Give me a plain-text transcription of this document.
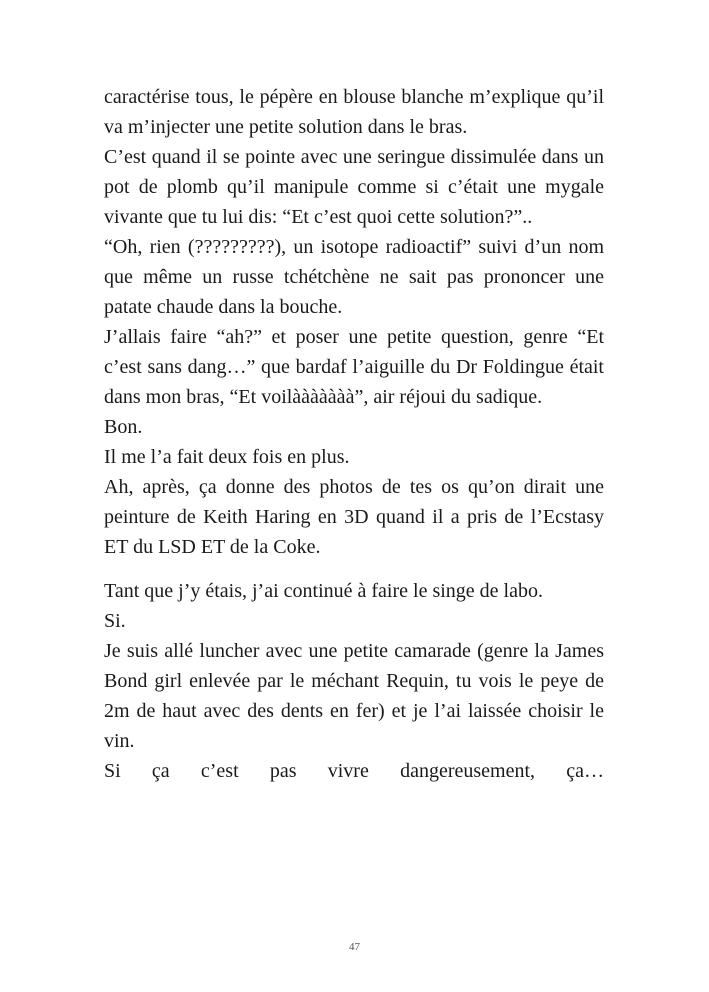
caractérise tous, le pépère en blouse blanche m’explique qu’il va m’injecter une petite solution dans le bras.

C’est quand il se pointe avec une seringue dissimulée dans un pot de plomb qu’il manipule comme si c’était une mygale vivante que tu lui dis: “Et c’est quoi cette solution?”..

“Oh, rien (?????????), un isotope radioactif” suivi d’un nom que même un russe tchétchène ne sait pas prononcer une patate chaude dans la bouche.

J’allais faire “ah?” et poser une petite question, genre “Et c’est sans dang…” que bardaf l’aiguille du Dr Foldingue était dans mon bras, “Et voilààààààà”, air réjoui du sadique.

Bon.

Il me l’a fait deux fois en plus.

Ah, après, ça donne des photos de tes os qu’on dirait une peinture de Keith Haring en 3D quand il a pris de l’Ecstasy ET du LSD ET de la Coke.

Tant que j’y étais, j’ai continué à faire le singe de labo.

Si.

Je suis allé luncher avec une petite camarade (genre la James Bond girl enlevée par le méchant Requin, tu vois le peye de 2m de haut avec des dents en fer) et je l’ai laissée choisir le vin.

Si ça c’est pas vivre dangereusement, ça…

47
